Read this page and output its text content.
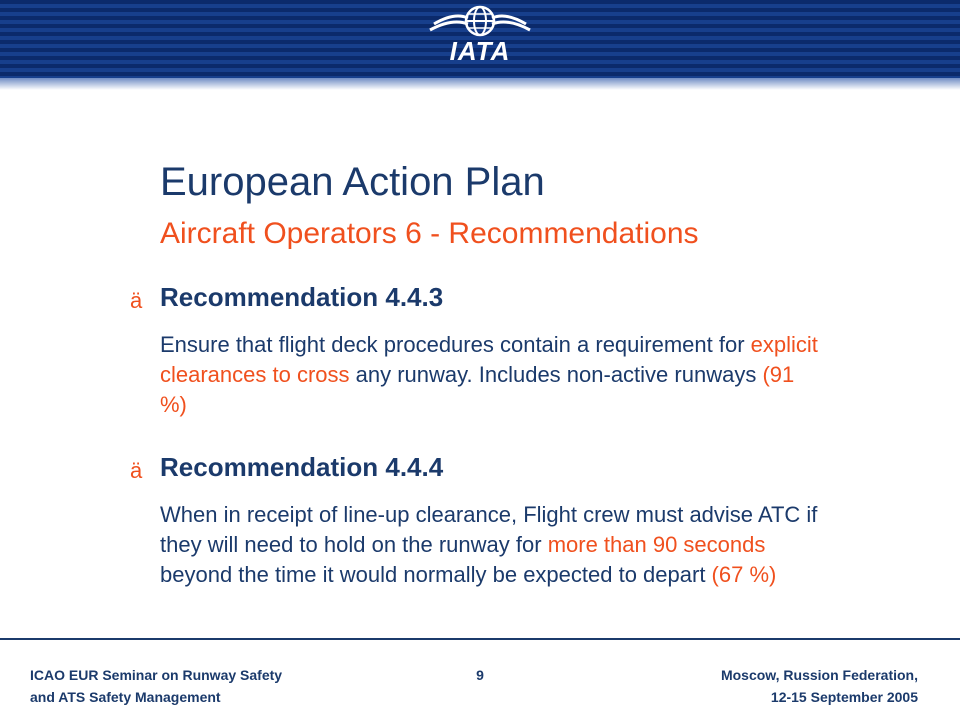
IATA
European Action Plan
Aircraft Operators 6 - Recommendations
ä Recommendation 4.4.3
Ensure that flight deck procedures contain a requirement for explicit clearances to cross any runway. Includes non-active runways (91 %)
ä Recommendation 4.4.4
When in receipt of line-up clearance, Flight crew must advise ATC if they will need to hold on the runway for more than 90 seconds beyond the time it would normally be expected to depart (67 %)
ICAO EUR Seminar on Runway Safety
and ATS Safety Management
9	Moscow, Russion Federation,
12-15 September 2005
